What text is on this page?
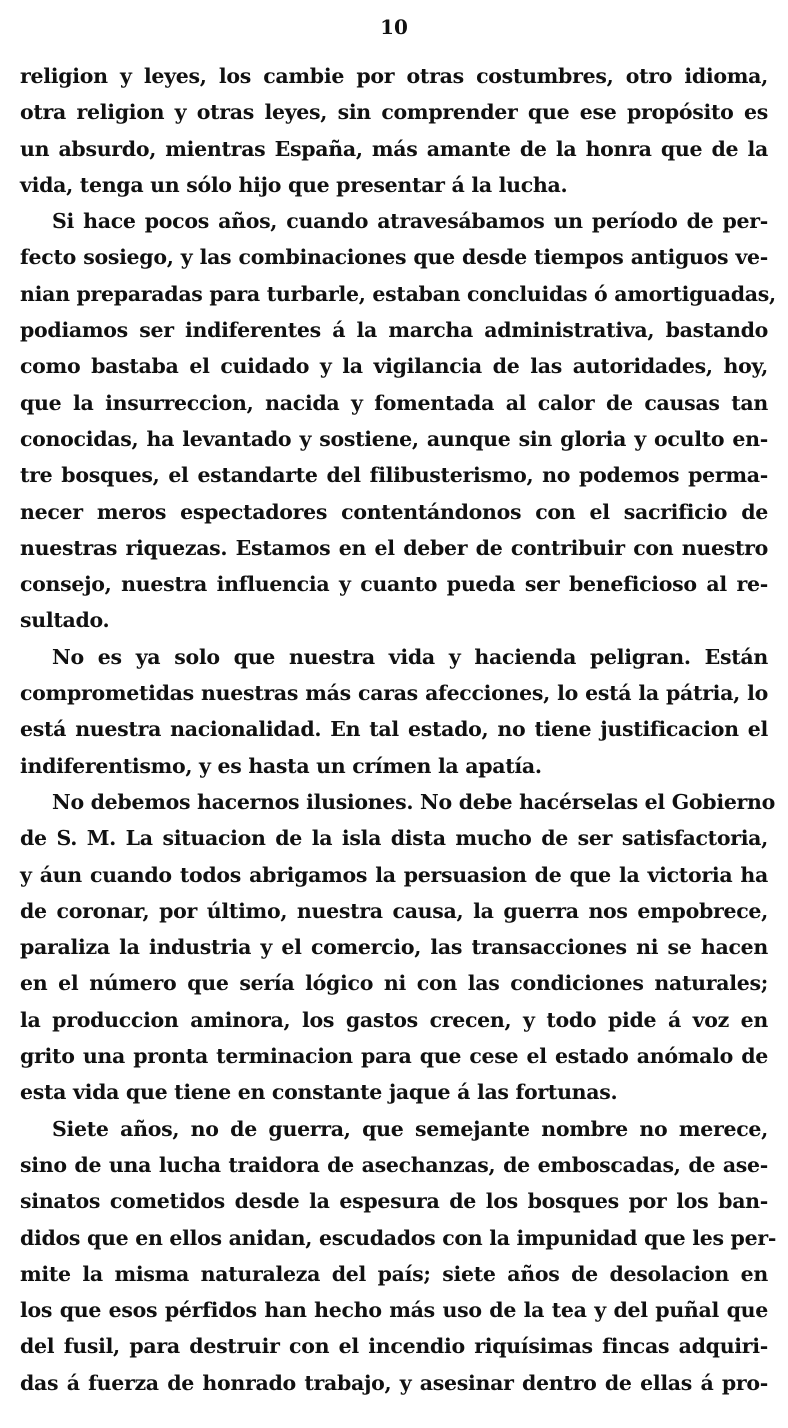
10
religion y leyes, los cambie por otras costumbres, otro idioma,
otra religion y otras leyes, sin comprender que ese propósito es
un absurdo, mientras España, más amante de la honra que de la
vida, tenga un sólo hijo que presentar á la lucha.
Si hace pocos años, cuando atravesábamos un período de per-
fecto sosiego, y las combinaciones que desde tiempos antiguos ve-
nian preparadas para turbarle, estaban concluidas ó amortiguadas,
podiamos ser indiferentes á la marcha administrativa, bastando
como bastaba el cuidado y la vigilancia de las autoridades, hoy,
que la insurreccion, nacida y fomentada al calor de causas tan
conocidas, ha levantado y sostiene, aunque sin gloria y oculto en-
tre bosques, el estandarte del filibusterismo, no podemos perma-
necer meros espectadores contentándonos con el sacrificio de
nuestras riquezas. Estamos en el deber de contribuir con nuestro
consejo, nuestra influencia y cuanto pueda ser beneficioso al re-
sultado.
No es ya solo que nuestra vida y hacienda peligran. Están
comprometidas nuestras más caras afecciones, lo está la pátria, lo
está nuestra nacionalidad. En tal estado, no tiene justificacion el
indiferentismo, y es hasta un crímen la apatía.
No debemos hacernos ilusiones. No debe hacérselas el Gobierno
de S. M. La situacion de la isla dista mucho de ser satisfactoria,
y áun cuando todos abrigamos la persuasion de que la victoria ha
de coronar, por último, nuestra causa, la guerra nos empobrece,
paraliza la industria y el comercio, las transacciones ni se hacen
en el número que sería lógico ni con las condiciones naturales;
la produccion aminora, los gastos crecen, y todo pide á voz en
grito una pronta terminacion para que cese el estado anómalo de
esta vida que tiene en constante jaque á las fortunas.
Siete años, no de guerra, que semejante nombre no merece,
sino de una lucha traidora de asechanzas, de emboscadas, de ase-
sinatos cometidos desde la espesura de los bosques por los ban-
didos que en ellos anidan, escudados con la impunidad que les per-
mite la misma naturaleza del país; siete años de desolacion en
los que esos pérfidos han hecho más uso de la tea y del puñal que
del fusil, para destruir con el incendio riquísimas fincas adquiri-
das á fuerza de honrado trabajo, y asesinar dentro de ellas á pro-
